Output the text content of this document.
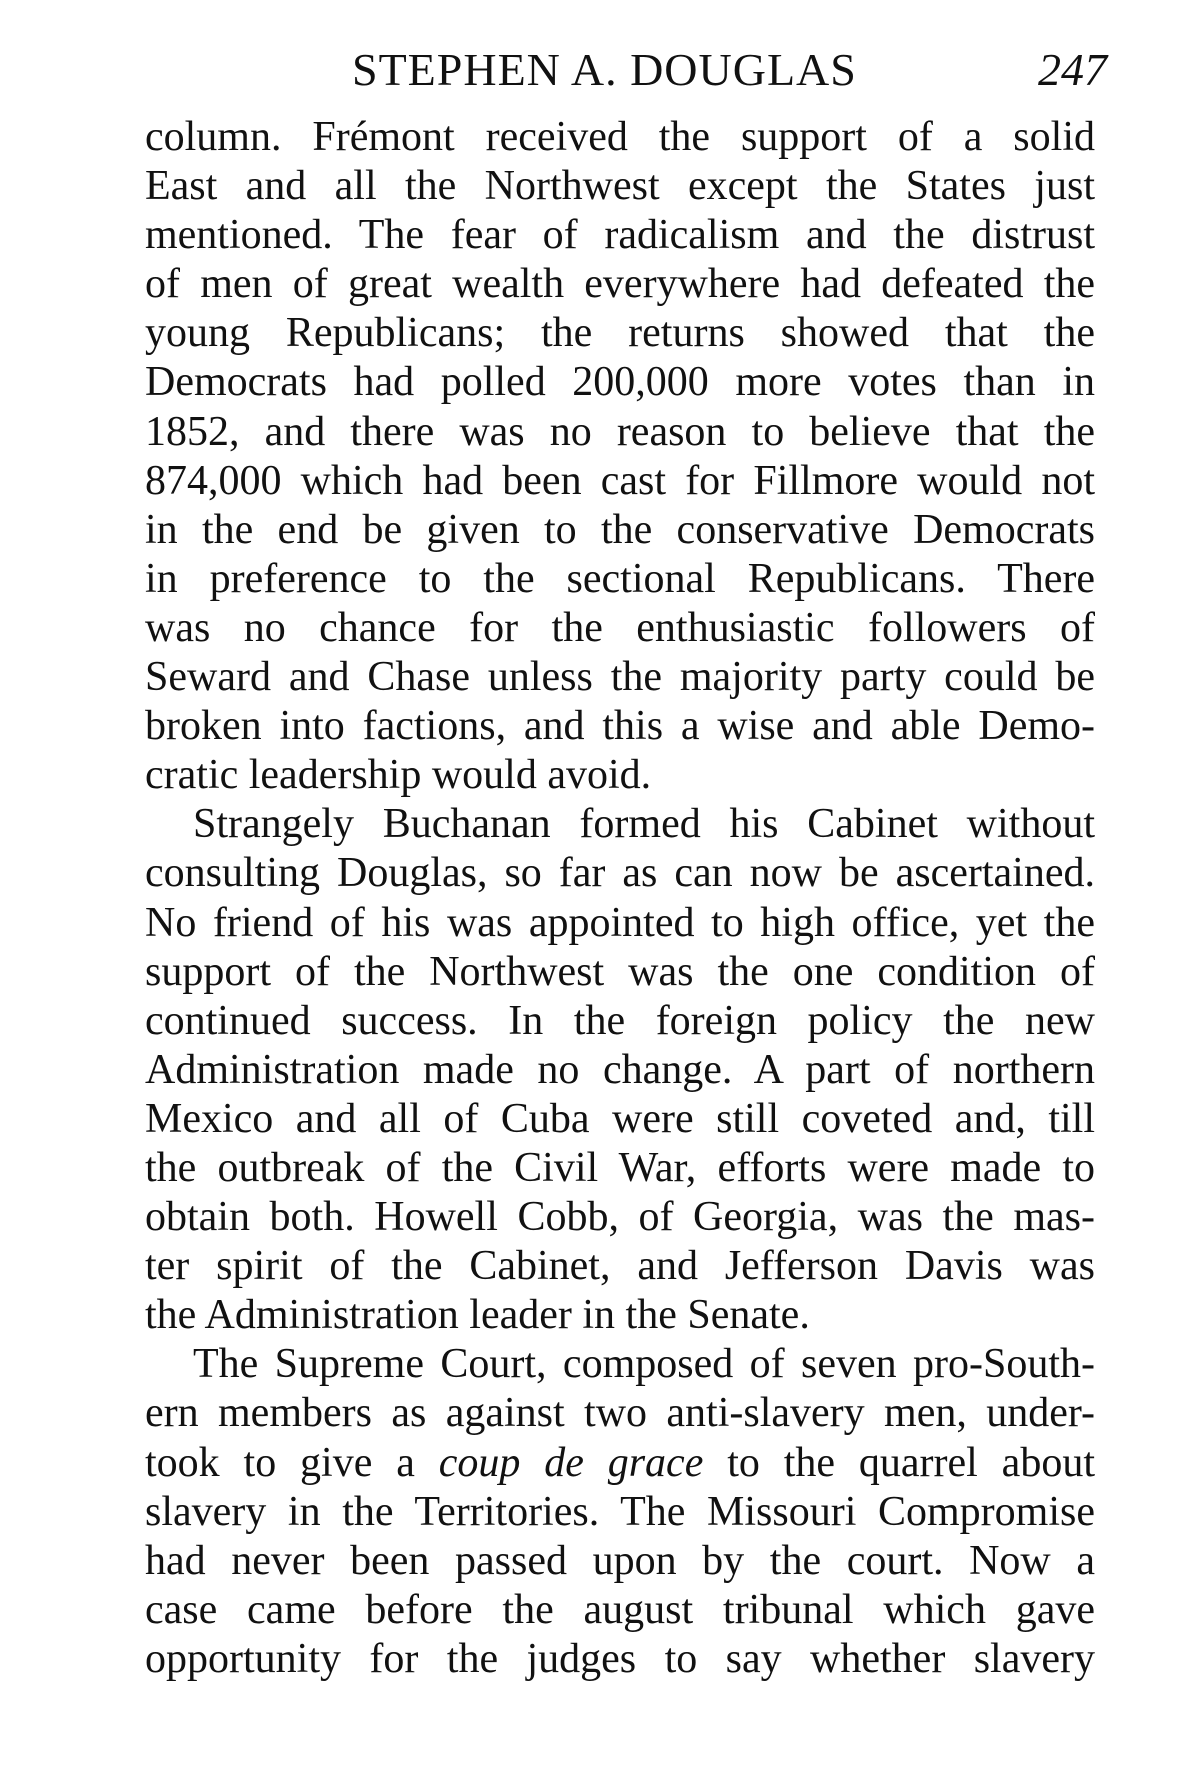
STEPHEN A. DOUGLAS	247
column. Frémont received the support of a solid
East and all the Northwest except the States just
mentioned. The fear of radicalism and the distrust
of men of great wealth everywhere had defeated the
young Republicans; the returns showed that the
Democrats had polled 200,000 more votes than in
1852, and there was no reason to believe that the
874,000 which had been cast for Fillmore would not
in the end be given to the conservative Democrats
in preference to the sectional Republicans. There
was no chance for the enthusiastic followers of
Seward and Chase unless the majority party could be
broken into factions, and this a wise and able Demo-
cratic leadership would avoid.
Strangely Buchanan formed his Cabinet without
consulting Douglas, so far as can now be ascertained.
No friend of his was appointed to high office, yet the
support of the Northwest was the one condition of
continued success. In the foreign policy the new
Administration made no change. A part of northern
Mexico and all of Cuba were still coveted and, till
the outbreak of the Civil War, efforts were made to
obtain both. Howell Cobb, of Georgia, was the mas-
ter spirit of the Cabinet, and Jefferson Davis was
the Administration leader in the Senate.
The Supreme Court, composed of seven pro-South-
ern members as against two anti-slavery men, under-
took to give a coup de grace to the quarrel about
slavery in the Territories. The Missouri Compromise
had never been passed upon by the court. Now a
case came before the august tribunal which gave
opportunity for the judges to say whether slavery
